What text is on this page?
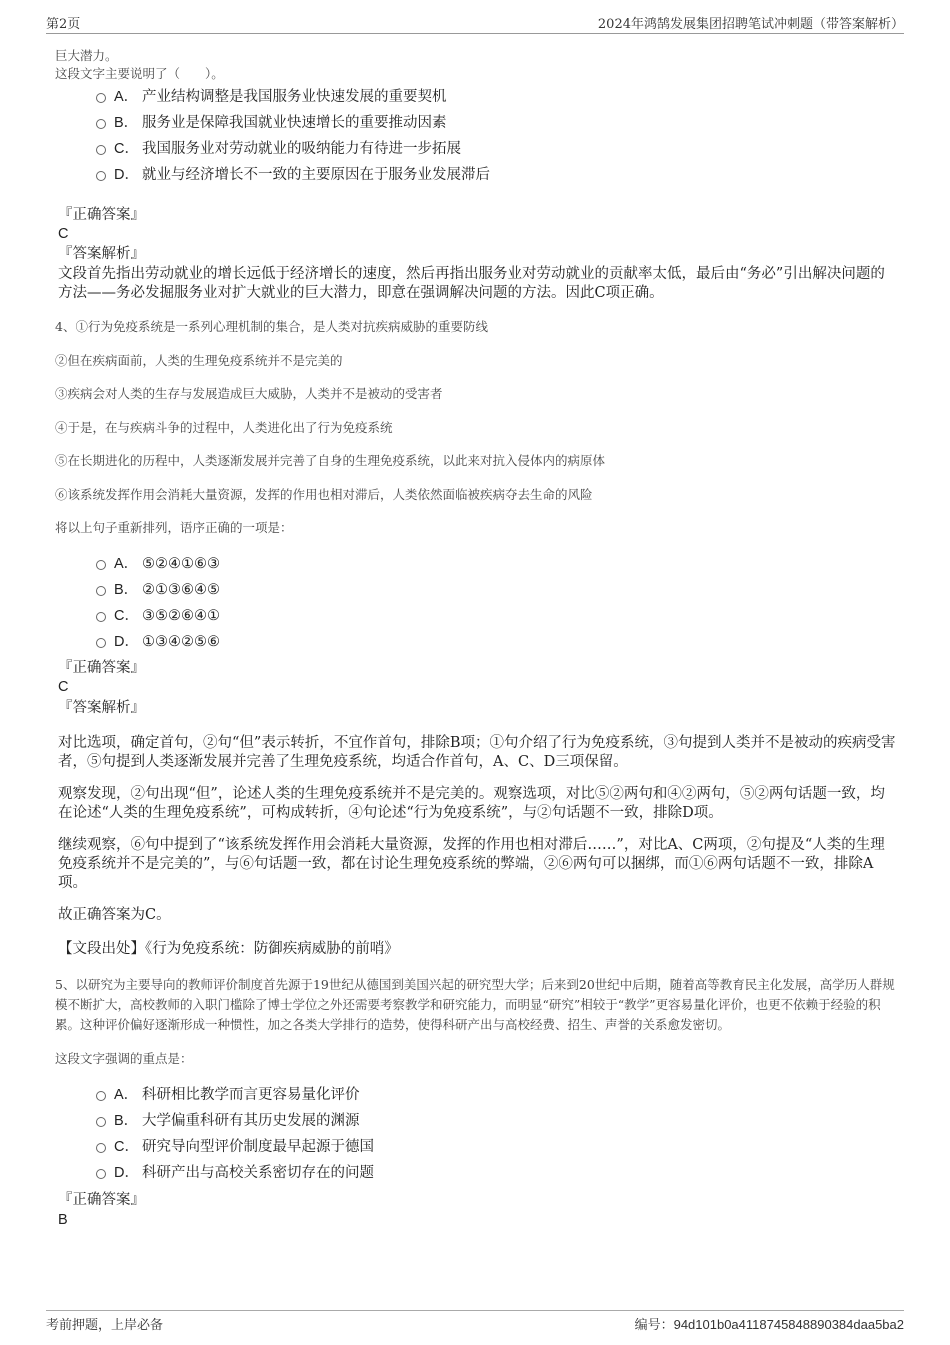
第2页	2024年鸿鹄发展集团招聘笔试冲刺题（带答案解析）
巨大潜力。
这段文字主要说明了（　　）。
A． 产业结构调整是我国服务业快速发展的重要契机
B． 服务业是保障我国就业快速增长的重要推动因素
C． 我国服务业对劳动就业的吸纳能力有待进一步拓展
D． 就业与经济增长不一致的主要原因在于服务业发展滞后
『正确答案』
C
『答案解析』
文段首先指出劳动就业的增长远低于经济增长的速度，然后再指出服务业对劳动就业的贡献率太低，最后由“务必”引出解决问题的方法——务必发掘服务业对扩大就业的巨大潜力，即意在强调解决问题的方法。因此C项正确。
4、①行为免疫系统是一系列心理机制的集合，是人类对抗疾病威胁的重要防线
②但在疾病面前，人类的生理免疫系统并不是完美的
③疾病会对人类的生存与发展造成巨大威胁，人类并不是被动的受害者
④于是，在与疾病斗争的过程中，人类进化出了行为免疫系统
⑤在长期进化的历程中，人类逐渐发展并完善了自身的生理免疫系统，以此来对抗入侵体内的病原体
⑥该系统发挥作用会消耗大量资源，发挥的作用也相对滞后，人类依然面临被疾病夺去生命的风险
将以上句子重新排列，语序正确的一项是：
A． ⑤②④①⑥③
B． ②①③⑥④⑤
C． ③⑤②⑥④①
D． ①③④②⑤⑥
『正确答案』
C
『答案解析』
对比选项，确定首句，②句“但”表示转折，不宜作首句，排除B项；①句介绍了行为免疫系统，③句提到人类并不是被动的疾病受害者，⑤句提到人类逐渐发展并完善了生理免疫系统，均适合作首句，A、C、D三项保留。
观察发现，②句出现“但”，论述人类的生理免疫系统并不是完美的。观察选项，对比⑤②两句和④②两句，⑤②两句话题一致，均在论述“人类的生理免疫系统”，可构成转折，④句论述“行为免疫系统”，与②句话题不一致，排除D项。
继续观察，⑥句中提到了“该系统发挥作用会消耗大量资源，发挥的作用也相对滞后……”，对比A、C两项，②句提及“人类的生理免疫系统并不是完美的”，与⑥句话题一致，都在讨论生理免疫系统的弊端，②⑥两句可以捆绑，而①⑥两句话题不一致，排除A项。
故正确答案为C。
【文段出处】《行为免疫系统：防御疾病威胁的前哨》
5、以研究为主要导向的教师评价制度首先源于19世纪从德国到美国兴起的研究型大学；后来到20世纪中后期，随着高等教育民主化发展，高学历人群规模不断扩大，高校教师的入职门槛除了博士学位之外还需要考察教学和研究能力，而明显“研究”相较于“教学”更容易量化评价，也更不依赖于经验的积累。这种评价偏好逐渐形成一种惯性，加之各类大学排行的造势，使得科研产出与高校经费、招生、声誉的关系愈发密切。
这段文字强调的重点是：
A． 科研相比教学而言更容易量化评价
B． 大学偏重科研有其历史发展的渊源
C． 研究导向型评价制度最早起源于德国
D． 科研产出与高校关系密切存在的问题
『正确答案』
B
考前押题，上岸必备	编号：94d101b0a4118745848890384daa5ba2
